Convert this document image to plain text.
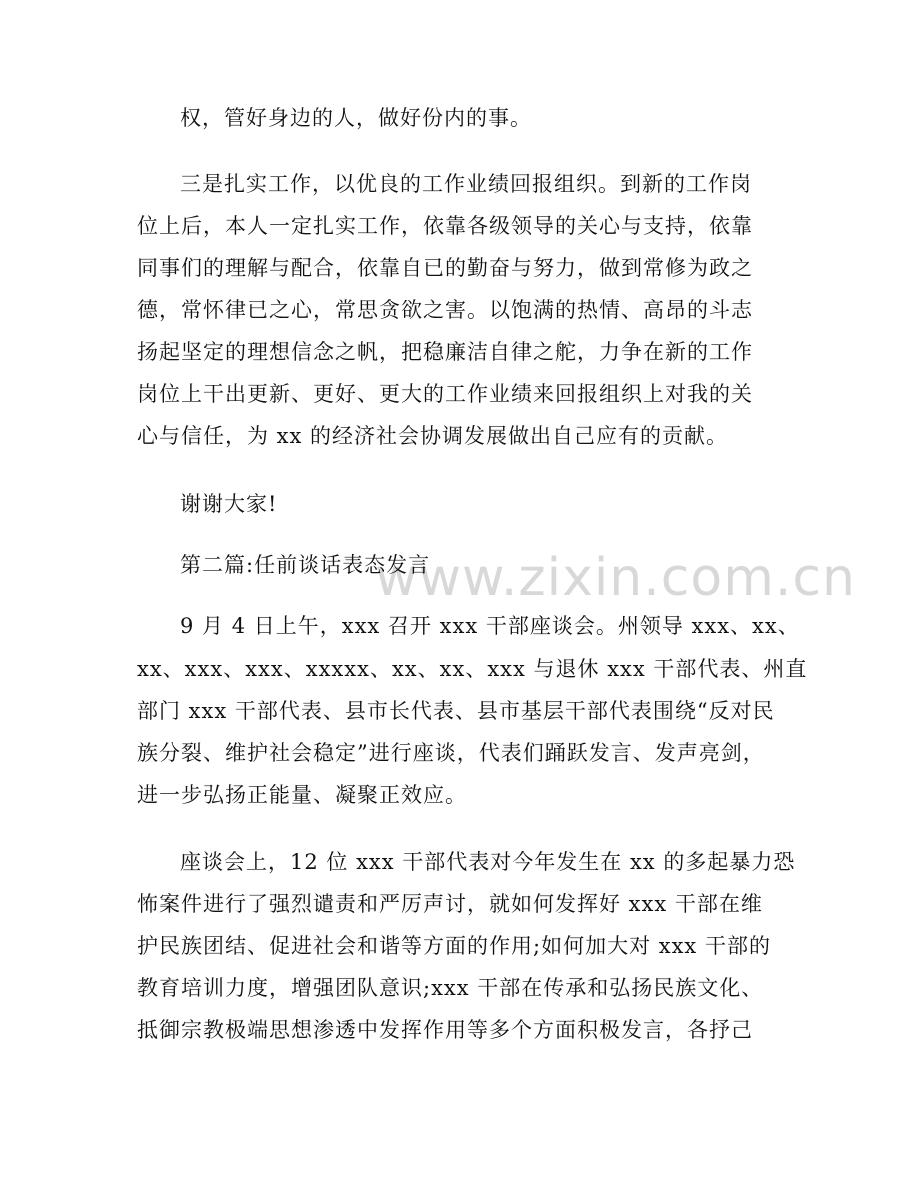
www.zixin.com.cn
权，管好身边的人，做好份内的事。
三是扎实工作，以优良的工作业绩回报组织。到新的工作岗
位上后，本人一定扎实工作，依靠各级领导的关心与支持，依靠
同事们的理解与配合，依靠自已的勤奋与努力，做到常修为政之
德，常怀律已之心，常思贪欲之害。以饱满的热情、高昂的斗志
扬起坚定的理想信念之帆，把稳廉洁自律之舵，力争在新的工作
岗位上干出更新、更好、更大的工作业绩来回报组织上对我的关
心与信任，为 xx 的经济社会协调发展做出自己应有的贡献。
谢谢大家!
第二篇:任前谈话表态发言
9 月 4 日上午，xxx 召开 xxx 干部座谈会。州领导 xxx、xx、
xx、xxx、xxx、xxxxx、xx、xx、xxx 与退休 xxx 干部代表、州直
部门 xxx 干部代表、县市长代表、县市基层干部代表围绕“反对民
族分裂、维护社会稳定”进行座谈，代表们踊跃发言、发声亮剑，
进一步弘扬正能量、凝聚正效应。
座谈会上，12 位 xxx 干部代表对今年发生在 xx 的多起暴力恐
怖案件进行了强烈谴责和严厉声讨，就如何发挥好 xxx 干部在维
护民族团结、促进社会和谐等方面的作用;如何加大对 xxx 干部的
教育培训力度，增强团队意识;xxx 干部在传承和弘扬民族文化、
抵御宗教极端思想渗透中发挥作用等多个方面积极发言，各抒己
